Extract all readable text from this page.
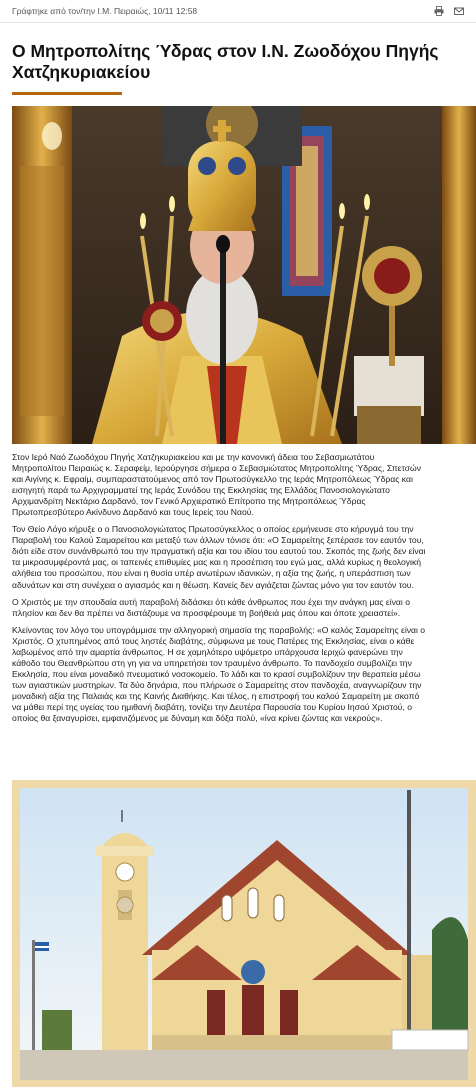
Γράφτηκε από τον/την Ι.Μ. Πειραιώς, 10/11 12:58
Ο Μητροπολίτης Ύδρας στον Ι.Ν. Ζωοδόχου Πηγής
Χατζηκυριακείου

Στον Ιερό Ναό Ζωοδόχου Πηγής Χατζηκυριακείου και με την κανονική άδεια του Σεβασμιωτάτου
Μητροπολίτου Πειραιώς κ. Σεραφείμ, Ιερούργησε σήμερα ο Σεβασμιώτατος Μητροπολίτης Ύδρας, Σπετσών
και Αιγίνης κ. Εφραίμ, συμπαραστατούμενος από τον Πρωτοσύγκελλο της Ιεράς Μητροπόλεως Ύδρας και
εισηγητή παρά τω Αρχιγραμματεί της Ιεράς Συνόδου της Εκκλησίας της Ελλάδος Πανοσιολογιώτατο
Αρχιμανδρίτη Νεκτάριο Δαρδανό, τον Γενικό Αρχιερατικό Επίτροπο της Μητροπόλεως Ύδρας
Πρωτοπρεσβύτερο Ακίνδυνο Δαρδανό και τους Ιερείς του Ναού.

Τον Θείο Λόγο κήρυξε ο ο Πανοσιολογιώτατος Πρωτοσύγκελλος ο οποίος ερμήνευσε στο κήρυγμά του την
Παραβολή του Καλού Σαμαρείτου και μεταξύ των άλλων τόνισε ότι: «Ο Σαμαρείτης ξεπέρασε τον εαυτόν του,
διότι είδε στον συνάνθρωπό του την πραγματική αξία και του ιδίου του εαυτού του. Σκοπός της ζωής δεν είναι
τα μικροσυμφέροντά μας, οι ταπεινές επιθυμίες μας και η προσέπιση του εγώ μας, αλλά κυρίως η θεολογική
αλήθεια του προσώπου, που είναι η θυσία υπέρ ανωτέρων ιδανικών, η αξία της ζωής, η υπεράσπιση των
αδυνάτων και στη συνέχεια ο αγιασμός και η θέωση. Κανείς δεν αγιάζεται ζώντας μόνο για τον εαυτόν του.

Ο Χριστός με την σπουδαία αυτή παραβολή διδάσκει ότι κάθε άνθρωπος που έχει την ανάγκη μας είναι ο
πλησίον και δεν θα πρέπει να διστάζουμε να προσφέρουμε τη βοήθειά μας όπου και όποτε χρειαστεί».

Κλείνοντας τον λόγο του υπογράμμισε την αλληγορική σημασία της παραβολής: «Ο καλός Σαμαρείτης είναι ο
Χριστός. Ο χτυπημένος από τους ληστές διαβάτης, σύμφωνα με τους Πατέρες της Εκκλησίας, είναι ο κάθε
λαβωμένος από την αμαρτία άνθρωπος. Η σε χαμηλότερο υψόμετρο υπάρχουσα Ιεριχώ φανερώνει την
κάθοδο του Θεανθρώπου στη γη για να υπηρετήσει τον τραυμένο άνθρωπο. Το πανδοχείο συμβολίζει την
Εκκλησία, που είναι μοναδικό πνευματικό νοσοκομείο. Το λάδι και το κρασί συμβολίζουν την θεραπεία μέσω
των αγιαστικών μυστηρίων. Τα δύο δηνάρια, που πλήρωσε ο Σαμαρείτης στον πανδοχέα, αναγνωρίζουν την
μοναδική αξία της Παλαιάς και της Καινής Διαθήκης. Και τέλος, η επιστροφή του καλού Σαμαρείτη με σκοπό
να μάθει περί της υγείας του ημιθανή διαβάτη, τονίζει την Δευτέρα Παρουσία του Κυρίου Ιησού Χριστού, ο
οποίος θα ξαναγυρίσει, εμφανιζόμενος με δύναμη και δόξα πολύ, «ίνα κρίνει ζώντας και νεκρούς».
